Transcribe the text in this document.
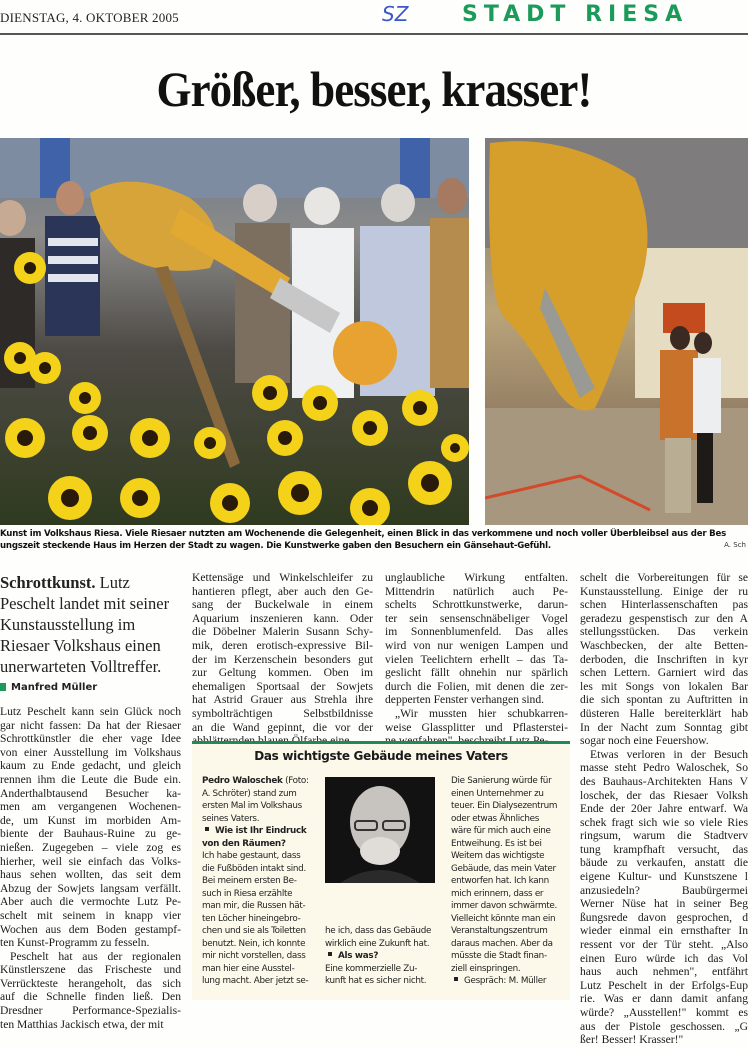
DIENSTAG, 4. OKTOBER 2005	SZ STADT RIESA
Größer, besser, krasser!
Kunst im Volkshaus Riesa. Viele Riesaer nutzten am Wochenende die Gelegenheit, einen Blick in das verkommene und noch voller Überbleibsel aus der Bes
ungszeit steckende Haus im Herzen der Stadt zu wagen. Die Kunstwerke gaben den Besuchern ein Gänsehaut-Gefühl.	A. Sch
Schrottkunst. Lutz Peschelt landet mit seiner Kunstausstellung im Riesaer Volkshaus einen unerwarteten Volltreffer.
Manfred Müller
Lutz Peschelt kann sein Glück noch
gar nicht fassen: Da hat der Riesaer
Schrottkünstler die eher vage Idee
von einer Ausstellung im Volkshaus
kaum zu Ende gedacht, und gleich
rennen ihm die Leute die Bude ein.
Anderthalbtausend Besucher ka-
men am vergangenen Wochenen-
de, um Kunst im morbiden Am-
biente der Bauhaus-Ruine zu ge-
nießen. Zugegeben – viele zog es
hierher, weil sie einfach das Volks-
haus sehen wollten, das seit dem
Abzug der Sowjets langsam verfällt.
Aber auch die vermochte Lutz Pe-
schelt mit seinem in knapp vier
Wochen aus dem Boden gestampf-
ten Kunst-Programm zu fesseln.
Peschelt hat aus der regionalen
Künstlerszene das Frischeste und
Verrückteste herangeholt, das sich
auf die Schnelle finden ließ. Den
Dresdner Performance-Spezialis-
ten Matthias Jackisch etwa, der mit
Kettensäge und Winkelschleifer zu
hantieren pflegt, aber auch den Ge-
sang der Buckelwale in einem
Aquarium inszenieren kann. Oder
die Döbelner Malerin Susann Schy-
mik, deren erotisch-expressive Bil-
der im Kerzenschein besonders gut
zur Geltung kommen. Oben im
ehemaligen Sportsaal der Sowjets
hat Astrid Grauer aus Strehla ihre
symbolträchtigen Selbstbildnisse
an die Wand gepinnt, die vor der
unglaubliche Wirkung entfalten.
Mittendrin natürlich auch Pe-
schelts Schrottkunstwerke, darun-
ter sein sensenschnäbeliger Vogel
im Sonnenblumenfeld. Das alles
wird von nur wenigen Lampen und
vielen Teelichtern erhellt – das Ta-
geslicht fällt ohnehin nur spärlich
durch die Folien, mit denen die zer-
depperten Fenster verhangen sind.
„Wir mussten hier schubkarren-
weise Glassplitter und Pflasterstei-
schelt die Vorbereitungen für se
Kunstausstellung. Einige der ru
schen Hinterlassenschaften pas
geradezu gespenstisch zur den A
stellungsstücken. Das verkein
Waschbecken, der alte Betten-
derboden, die Inschriften in kyr
schen Lettern. Garniert wird das
les mit Songs von lokalen Bar
die sich spontan zu Auftritten in
düsteren Halle bereiterklärt hab
In der Nacht zum Sonntag gibt
sogar noch eine Feuershow.
Etwas verloren in der Besuch
masse steht Pedro Waloschek, So
des Bauhaus-Architekten Hans V
loschek, der das Riesaer Volksh
Ende der 20er Jahre entwarf. Wa
schek fragt sich wie so viele Ries
ringsum, warum die Stadtverv
tung krampfhaft versucht, das
bäude zu verkaufen, anstatt die
eigene Kultur- und Kunstszene l
anzusiedeln? Baubürgermei
Werner Nüse hat in seiner Beg
ßungsrede davon gesprochen, d
wieder einmal ein ernsthafter In
ressent vor der Tür steht. „Also
einen Euro würde ich das Vol
haus auch nehmen", entfährt
Lutz Peschelt in der Erfolgs-Eup
rie. Was er dann damit anfang
würde? „Ausstellen!" kommt es
aus der Pistole geschossen. „G
ßer! Besser! Krasser!"
Das wichtigste Gebäude meines Vaters
Pedro Waloschek (Foto:
A. Schröter) stand zum
ersten Mal im Volkshaus
seines Vaters.
Wie ist Ihr Eindruck
von den Räumen?
Ich habe gestaunt, dass
die Fußböden intakt sind.
Bei meinem ersten Be-
such in Riesa erzählte
man mir, die Russen hät-
ten Löcher hineingebro-
chen und sie als Toiletten
benutzt. Nein, ich konnte
mir nicht vorstellen, dass
man hier eine Ausstel-
lung macht. Aber jetzt se-
he ich, dass das Gebäude
wirklich eine Zukunft hat.
Als was?
Eine kommerzielle Zu-
kunft hat es sicher nicht.
Die Sanierung würde für
einen Unternehmer zu
teuer. Ein Dialysezentrum
oder etwas Ähnliches
wäre für mich auch eine
Entweihung. Es ist bei
Weitem das wichtigste
Gebäude, das mein Vater
entworfen hat. Ich kann
mich erinnern, dass er
immer davon schwärmte.
Vielleicht könnte man ein
Veranstaltungszentrum
daraus machen. Aber da
müsste die Stadt finan-
ziell einspringen.
Gespräch: M. Müller
